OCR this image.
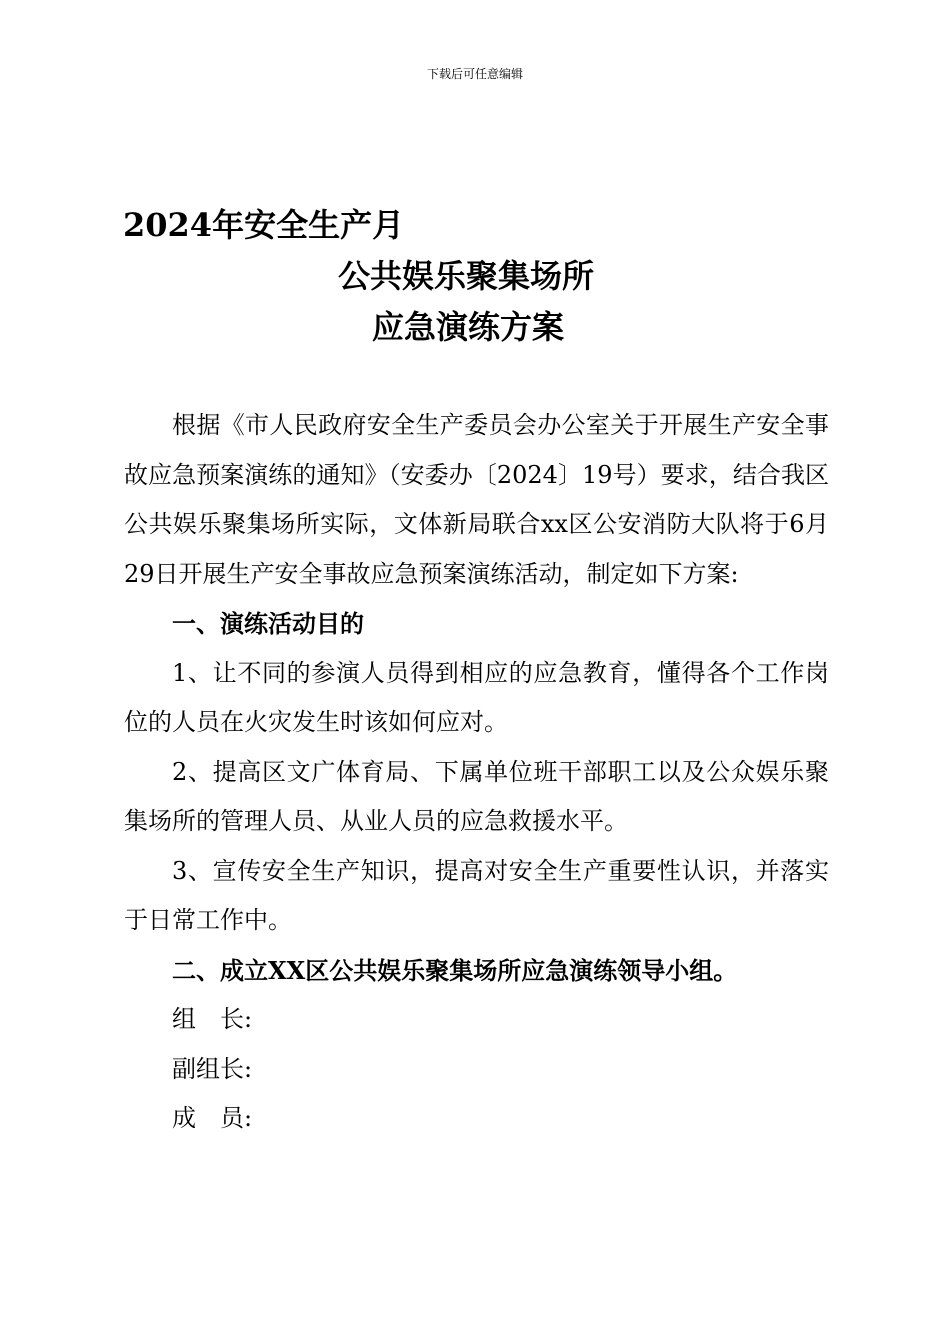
下载后可任意编辑
2024年安全生产月
公共娱乐聚集场所
应急演练方案

根据《市人民政府安全生产委员会办公室关于开展生产安全事故应急预案演练的通知》（安委办〔2024〕19号）要求，结合我区公共娱乐聚集场所实际，文体新局联合xx区公安消防大队将于6月29日开展生产安全事故应急预案演练活动，制定如下方案:

一、演练活动目的

1、让不同的参演人员得到相应的应急教育，懂得各个工作岗位的人员在火灾发生时该如何应对。

2、提高区文广体育局、下属单位班干部职工以及公众娱乐聚集场所的管理人员、从业人员的应急救援水平。

3、宣传安全生产知识，提高对安全生产重要性认识，并落实于日常工作中。

二、成立XX区公共娱乐聚集场所应急演练领导小组。

组　长:

副组长:

成　员:
